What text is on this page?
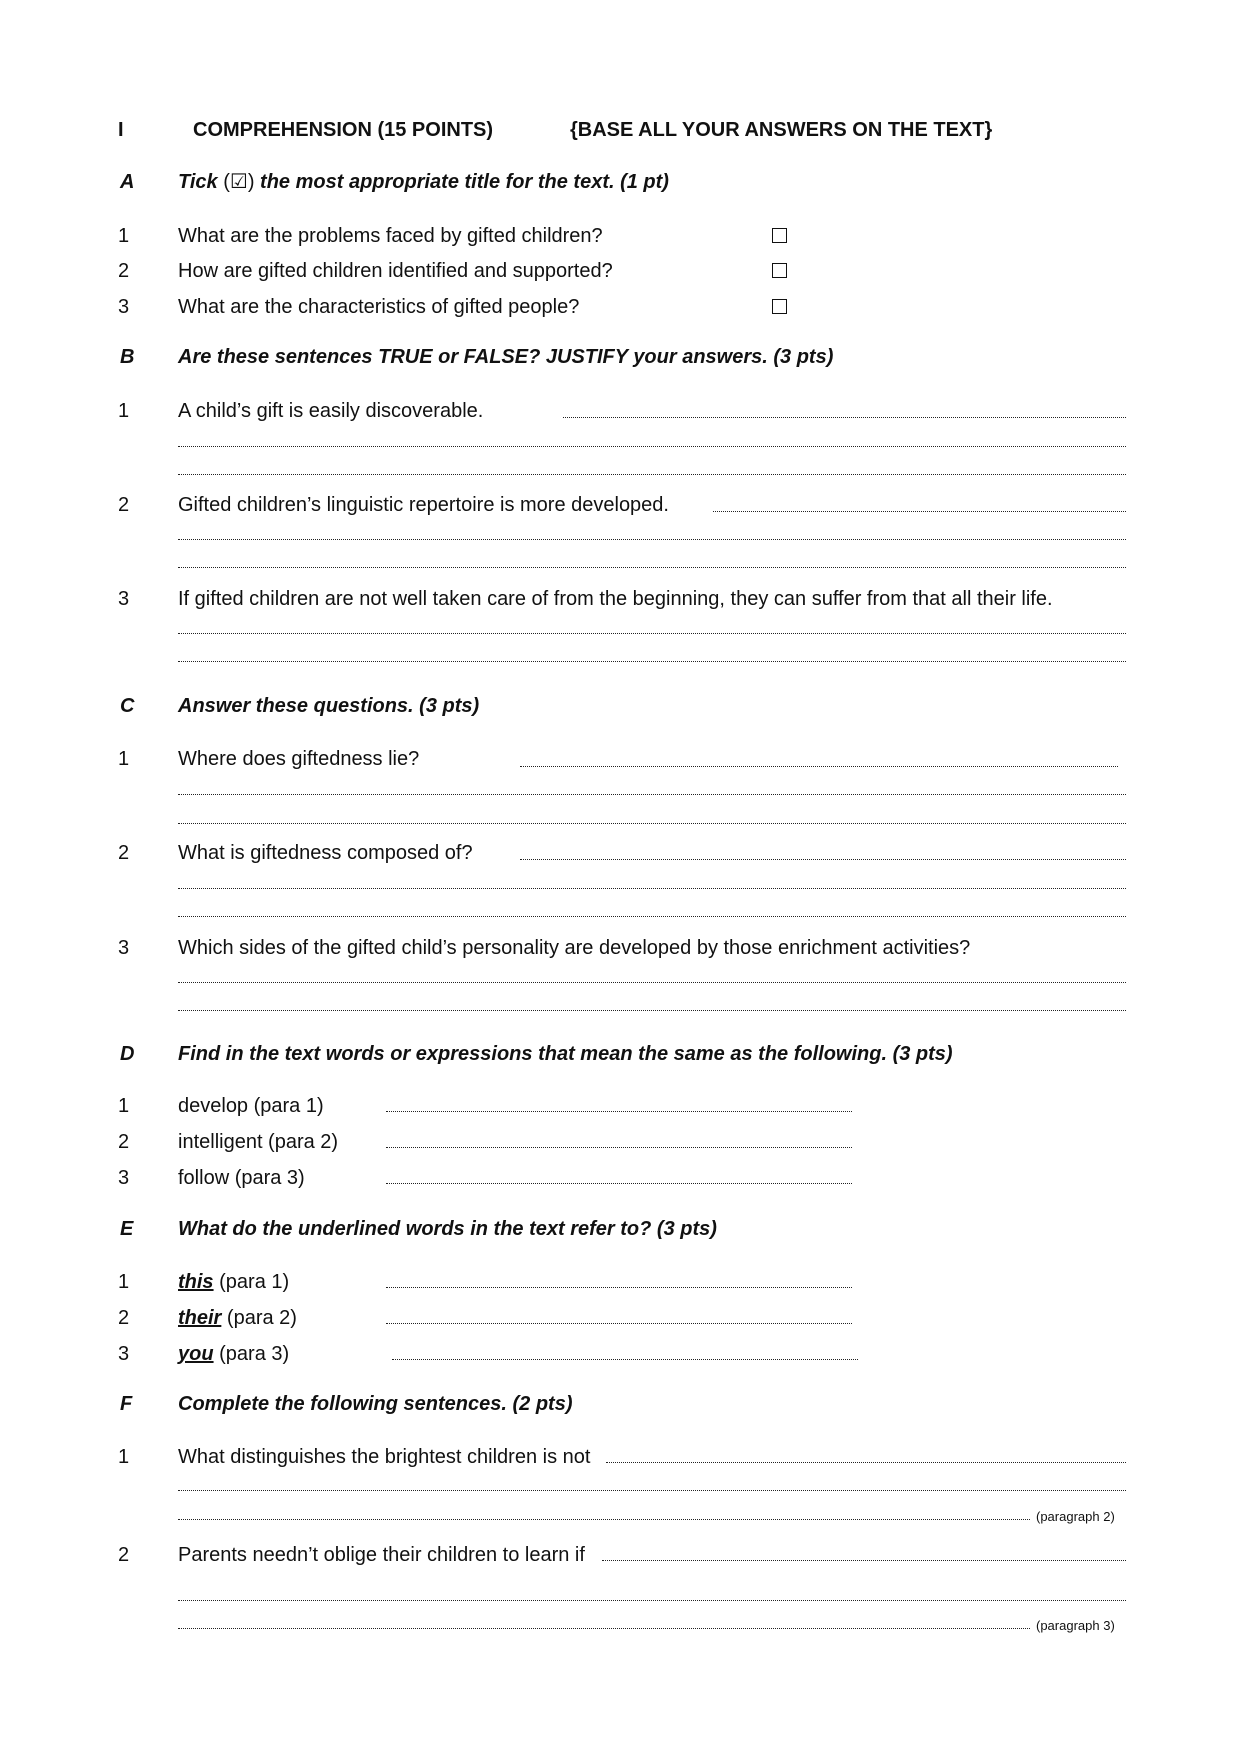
I	COMPREHENSION (15 POINTS)	{BASE ALL YOUR ANSWERS ON THE TEXT}
A Tick (☑) the most appropriate title for the text. (1 pt)
1 What are the problems faced by gifted children?
2 How are gifted children identified and supported?
3 What are the characteristics of gifted people?
B Are these sentences TRUE or FALSE? JUSTIFY your answers. (3 pts)
1 A child’s gift is easily discoverable.
2 Gifted children’s linguistic repertoire is more developed.
3 If gifted children are not well taken care of from the beginning, they can suffer from that all their life.
C Answer these questions. (3 pts)
1 Where does giftedness lie?
2 What is giftedness composed of?
3 Which sides of the gifted child’s personality are developed by those enrichment activities?
D Find in the text words or expressions that mean the same as the following. (3 pts)
1 develop (para 1)
2 intelligent (para 2)
3 follow (para 3)
E What do the underlined words in the text refer to? (3 pts)
1 this (para 1)
2 their (para 2)
3 you (para 3)
F Complete the following sentences. (2 pts)
1 What distinguishes the brightest children is not
(paragraph 2)
2 Parents needn’t oblige their children to learn if
(paragraph 3)
